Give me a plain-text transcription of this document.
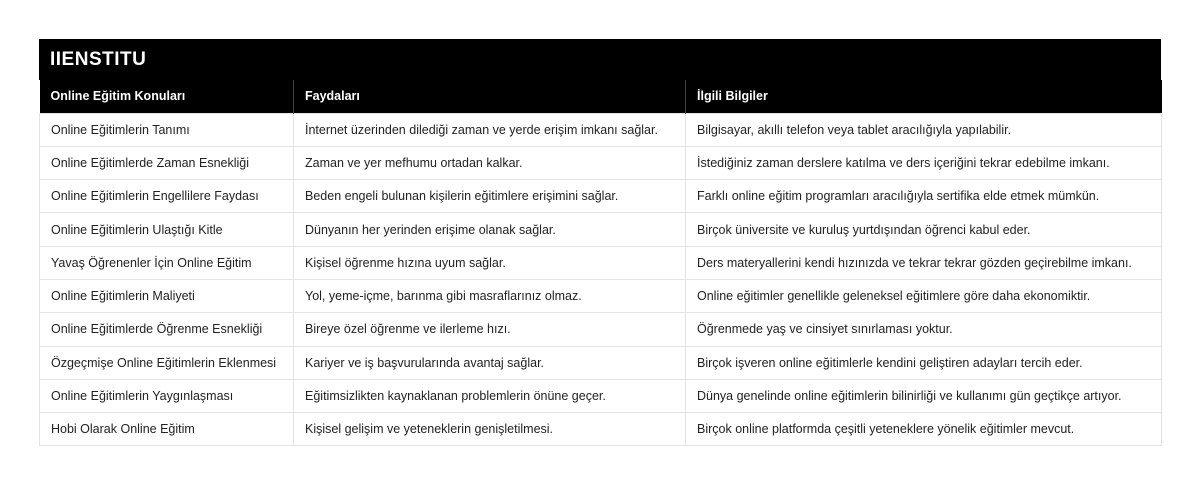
IIENSTITU
Online Eğitim Konuları	Faydaları	İlgili Bilgiler
Online Eğitimlerin Tanımı	İnternet üzerinden dilediği zaman ve yerde erişim imkanı sağlar.	Bilgisayar, akıllı telefon veya tablet aracılığıyla yapılabilir.
Online Eğitimlerde Zaman Esnekliği	Zaman ve yer mefhumu ortadan kalkar.	İstediğiniz zaman derslere katılma ve ders içeriğini tekrar edebilme imkanı.
Online Eğitimlerin Engellilere Faydası	Beden engeli bulunan kişilerin eğitimlere erişimini sağlar.	Farklı online eğitim programları aracılığıyla sertifika elde etmek mümkün.
Online Eğitimlerin Ulaştığı Kitle	Dünyanın her yerinden erişime olanak sağlar.	Birçok üniversite ve kuruluş yurtdışından öğrenci kabul eder.
Yavaş Öğrenenler İçin Online Eğitim	Kişisel öğrenme hızına uyum sağlar.	Ders materyallerini kendi hızınızda ve tekrar tekrar gözden geçirebilme imkanı.
Online Eğitimlerin Maliyeti	Yol, yeme-içme, barınma gibi masraflarınız olmaz.	Online eğitimler genellikle geleneksel eğitimlere göre daha ekonomiktir.
Online Eğitimlerde Öğrenme Esnekliği	Bireye özel öğrenme ve ilerleme hızı.	Öğrenmede yaş ve cinsiyet sınırlaması yoktur.
Özgeçmişe Online Eğitimlerin Eklenmesi	Kariyer ve iş başvurularında avantaj sağlar.	Birçok işveren online eğitimlerle kendini geliştiren adayları tercih eder.
Online Eğitimlerin Yaygınlaşması	Eğitimsizlikten kaynaklanan problemlerin önüne geçer.	Dünya genelinde online eğitimlerin bilinirliği ve kullanımı gün geçtikçe artıyor.
Hobi Olarak Online Eğitim	Kişisel gelişim ve yeteneklerin genişletilmesi.	Birçok online platformda çeşitli yeteneklere yönelik eğitimler mevcut.
